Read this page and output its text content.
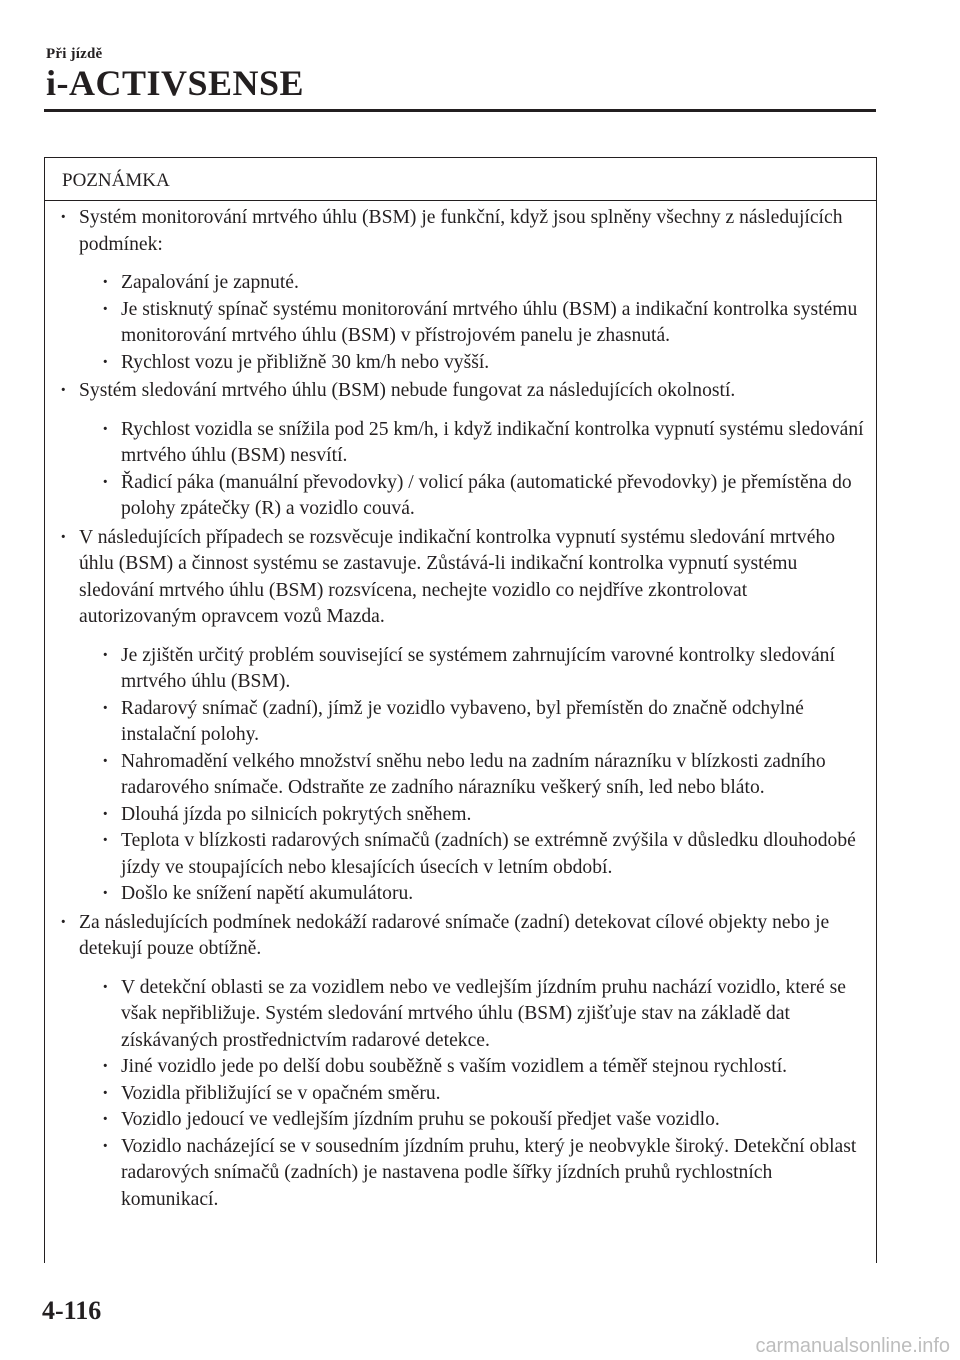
Při jízdě
i-ACTIVSENSE
POZNÁMKA
· Systém monitorování mrtvého úhlu (BSM) je funkční, když jsou splněny všechny z následujících podmínek:
· Zapalování je zapnuté.
· Je stisknutý spínač systému monitorování mrtvého úhlu (BSM) a indikační kontrolka systému monitorování mrtvého úhlu (BSM) v přístrojovém panelu je zhasnutá.
· Rychlost vozu je přibližně 30 km/h nebo vyšší.
· Systém sledování mrtvého úhlu (BSM) nebude fungovat za následujících okolností.
· Rychlost vozidla se snížila pod 25 km/h, i když indikační kontrolka vypnutí systému sledování mrtvého úhlu (BSM) nesvítí.
· Řadicí páka (manuální převodovky) / volicí páka (automatické převodovky) je přemístěna do polohy zpátečky (R) a vozidlo couvá.
· V následujících případech se rozsvěcuje indikační kontrolka vypnutí systému sledování mrtvého úhlu (BSM) a činnost systému se zastavuje. Zůstává-li indikační kontrolka vypnutí systému sledování mrtvého úhlu (BSM) rozsvícena, nechejte vozidlo co nejdříve zkontrolovat autorizovaným opravcem vozů Mazda.
· Je zjištěn určitý problém související se systémem zahrnujícím varovné kontrolky sledování mrtvého úhlu (BSM).
· Radarový snímač (zadní), jímž je vozidlo vybaveno, byl přemístěn do značně odchylné instalační polohy.
· Nahromadění velkého množství sněhu nebo ledu na zadním nárazníku v blízkosti zadního radarového snímače. Odstraňte ze zadního nárazníku veškerý sníh, led nebo bláto.
· Dlouhá jízda po silnicích pokrytých sněhem.
· Teplota v blízkosti radarových snímačů (zadních) se extrémně zvýšila v důsledku dlouhodobé jízdy ve stoupajících nebo klesajících úsecích v letním období.
· Došlo ke snížení napětí akumulátoru.
· Za následujících podmínek nedokáží radarové snímače (zadní) detekovat cílové objekty nebo je detekují pouze obtížně.
· V detekční oblasti se za vozidlem nebo ve vedlejším jízdním pruhu nachází vozidlo, které se však nepřibližuje. Systém sledování mrtvého úhlu (BSM) zjišťuje stav na základě dat získávaných prostřednictvím radarové detekce.
· Jiné vozidlo jede po delší dobu souběžně s vaším vozidlem a téměř stejnou rychlostí.
· Vozidla přibližující se v opačném směru.
· Vozidlo jedoucí ve vedlejším jízdním pruhu se pokouší předjet vaše vozidlo.
· Vozidlo nacházející se v sousedním jízdním pruhu, který je neobvykle široký. Detekční oblast radarových snímačů (zadních) je nastavena podle šířky jízdních pruhů rychlostních komunikací.
4-116
carmanualsonline.info
